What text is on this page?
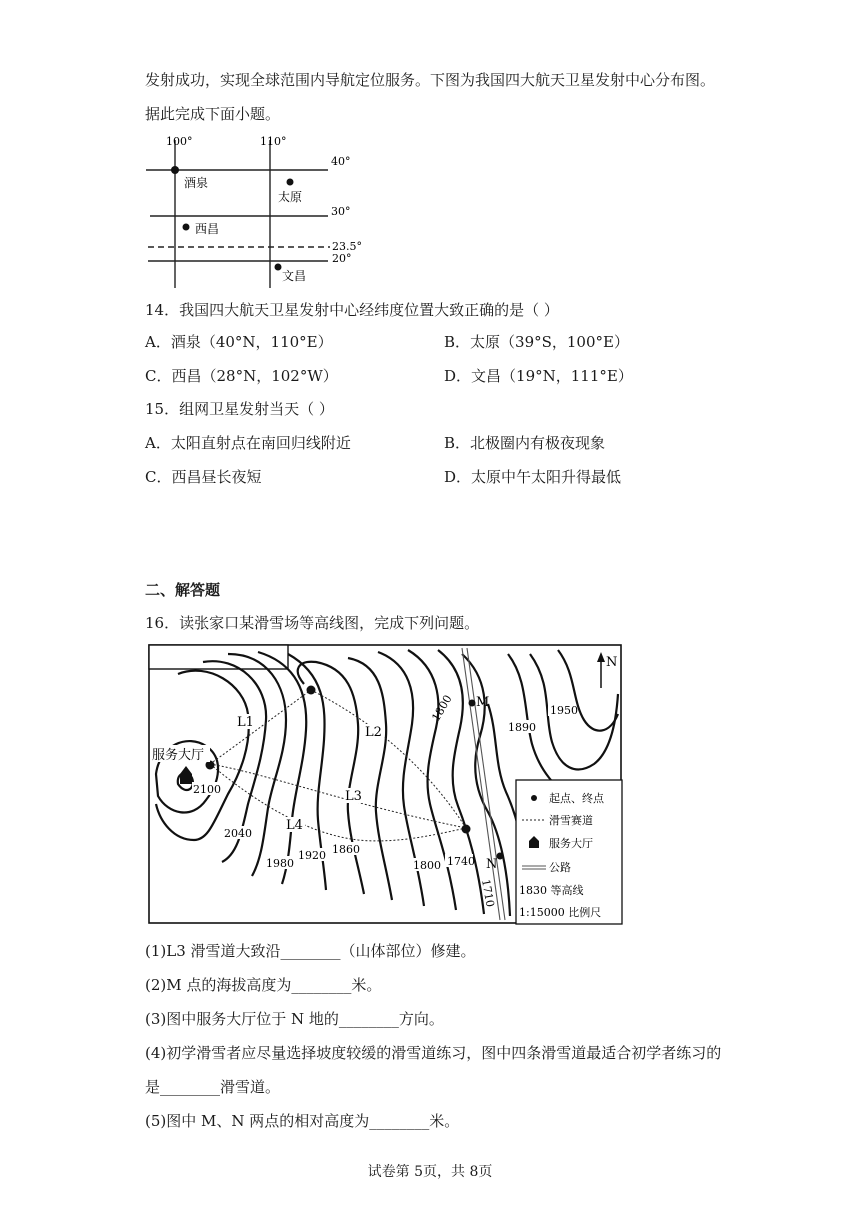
发射成功，实现全球范围内导航定位服务。下图为我国四大航天卫星发射中心分布图。
据此完成下面小题。
100°	110°
40°
30°
23.5°
20°
酒泉
太原
西昌
文昌
14．我国四大航天卫星发射中心经纬度位置大致正确的是（ ）
A．酒泉（40°N，110°E）	B．太原（39°S，100°E）
C．西昌（28°N，102°W）	D．文昌（19°N，111°E）
15．组网卫星发射当天（ ）
A．太阳直射点在南回归线附近	B．北极圈内有极夜现象
C．西昌昼长夜短	D．太原中午太阳升得最低
二、解答题
16．读张家口某滑雪场等高线图，完成下列问题。
N
服务大厅
L1
L2
L3
L4
M
N
2100
2040
1980
1920 1860
1800 1740
1710
1800	1950
1890
起点、终点
滑雪赛道
服务大厅
公路
1830 等高线
1:15000 比例尺
(1)L3 滑雪道大致沿________（山体部位）修建。
(2)M 点的海拔高度为________米。
(3)图中服务大厅位于 N 地的________方向。
(4)初学滑雪者应尽量选择坡度较缓的滑雪道练习，图中四条滑雪道最适合初学者练习的
是________滑雪道。
(5)图中 M、N 两点的相对高度为________米。
试卷第 5页，共 8页
